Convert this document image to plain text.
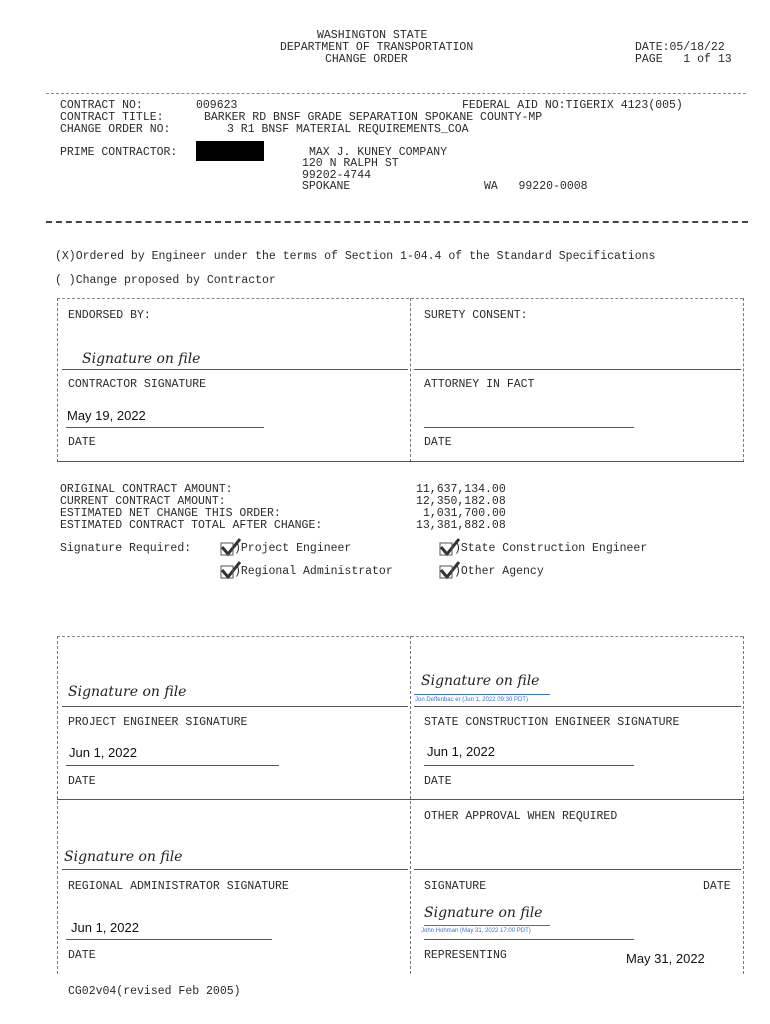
WASHINGTON STATE
DEPARTMENT OF TRANSPORTATION
CHANGE ORDER
DATE:05/18/22
PAGE   1 of 13
CONTRACT NO:	009623	FEDERAL AID NO:TIGERIX 4123(005)
CONTRACT TITLE:	BARKER RD BNSF GRADE SEPARATION SPOKANE COUNTY-MP
CHANGE ORDER NO:	3 R1 BNSF MATERIAL REQUIREMENTS_COA
PRIME CONTRACTOR:	MAX J. KUNEY COMPANY
120 N RALPH ST
99202-4744
SPOKANE	WA   99220-0008
(X)Ordered by Engineer under the terms of Section 1-04.4 of the Standard Specifications
( )Change proposed by Contractor
ENDORSED BY:	SURETY CONSENT:
Signature on file
CONTRACTOR SIGNATURE	ATTORNEY IN FACT
May 19, 2022
DATE	DATE
ORIGINAL CONTRACT AMOUNT:	11,637,134.00
CURRENT CONTRACT AMOUNT:	12,350,182.08
ESTIMATED NET CHANGE THIS ORDER:	1,031,700.00
ESTIMATED CONTRACT TOTAL AFTER CHANGE:	13,381,882.08
Signature Required:	)Project Engineer	)State Construction Engineer
)Regional Administrator	)Other Agency
Signature on file
Signature on file
Jon Deffenbac er (Jun 1, 2022 09:30 PDT)
PROJECT ENGINEER SIGNATURE	STATE CONSTRUCTION ENGINEER SIGNATURE
Jun 1, 2022	Jun 1, 2022
DATE	DATE
OTHER APPROVAL WHEN REQUIRED
Signature on file
REGIONAL ADMINISTRATOR SIGNATURE	SIGNATURE	DATE
Signature on file
John Hohman (May 31, 2022 17:00 PDT)
Jun 1, 2022
DATE	REPRESENTING	May 31, 2022
CG02v04(revised Feb 2005)
